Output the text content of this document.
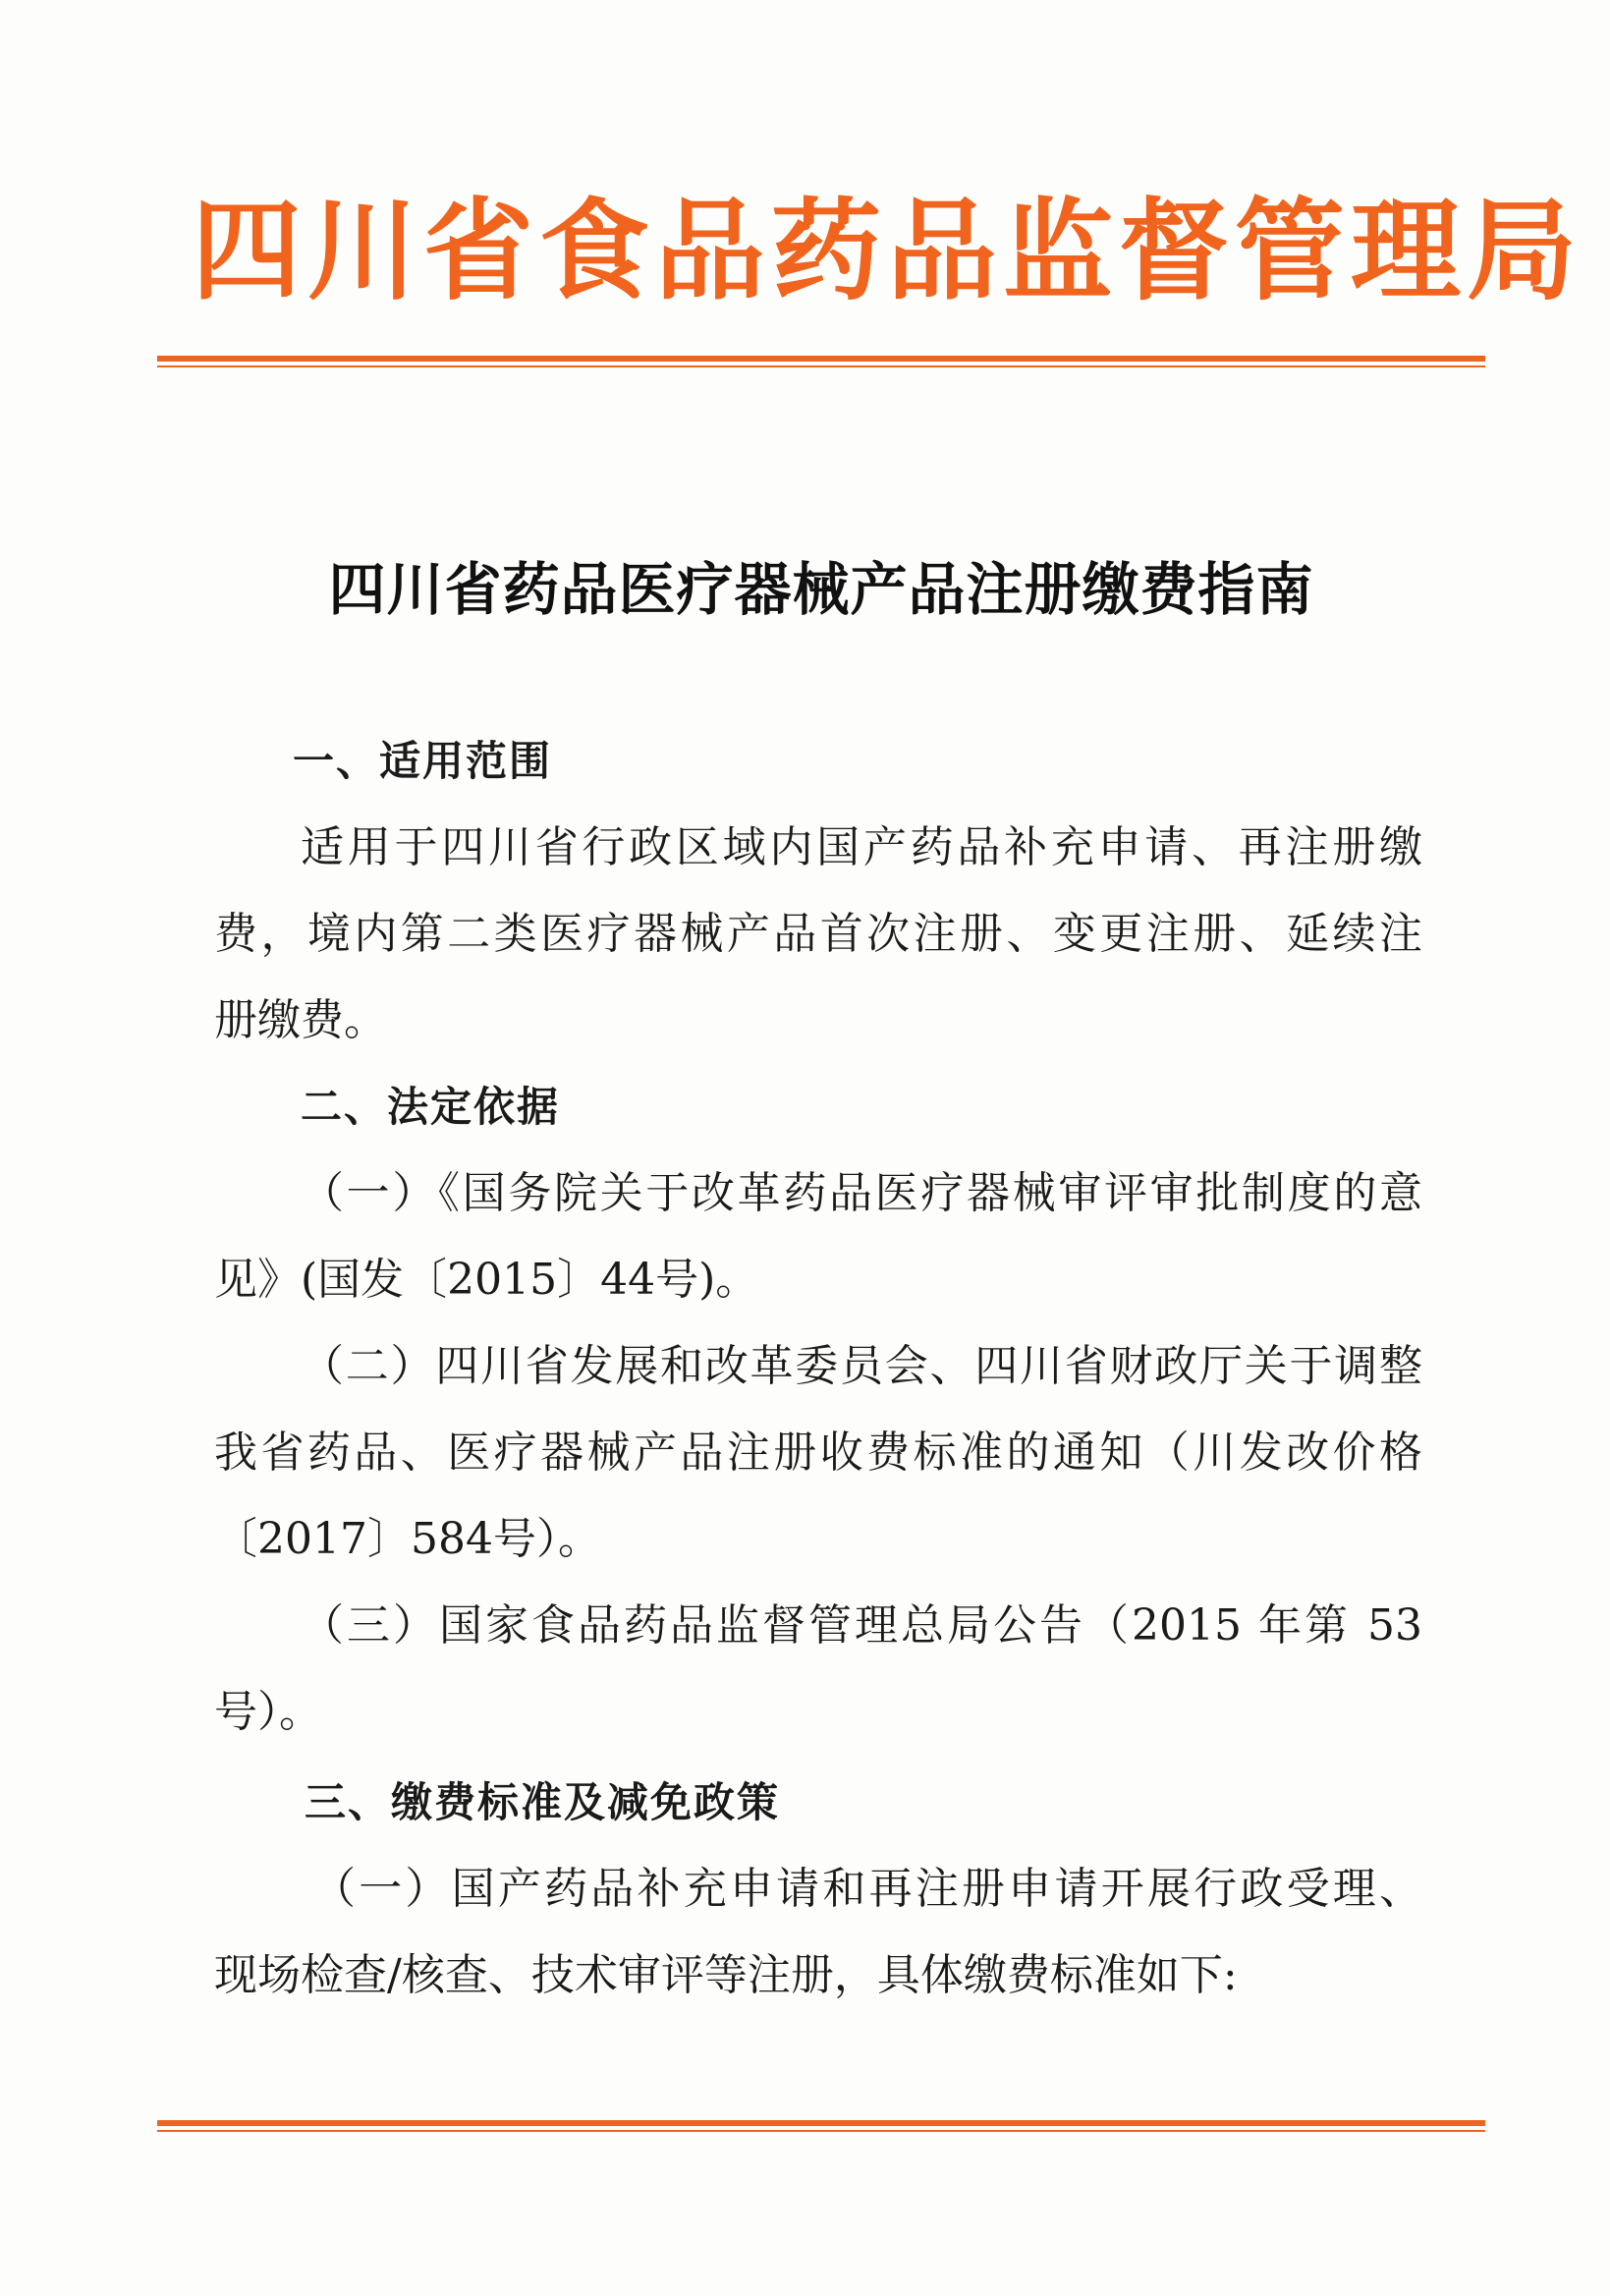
四川省食品药品监督管理局
四川省药品医疗器械产品注册缴费指南
一、适用范围
适用于四川省行政区域内国产药品补充申请、再注册缴
费，境内第二类医疗器械产品首次注册、变更注册、延续注
册缴费。
二、法定依据
（一）《国务院关于改革药品医疗器械审评审批制度的意
见》(国发〔2015〕44号)。
（二）四川省发展和改革委员会、四川省财政厅关于调整
我省药品、医疗器械产品注册收费标准的通知（川发改价格
〔2017〕584号）。
（三）国家食品药品监督管理总局公告（2015 年第 53
号）。
三、缴费标准及减免政策
（一）国产药品补充申请和再注册申请开展行政受理、
现场检查/核查、技术审评等注册，具体缴费标准如下:
